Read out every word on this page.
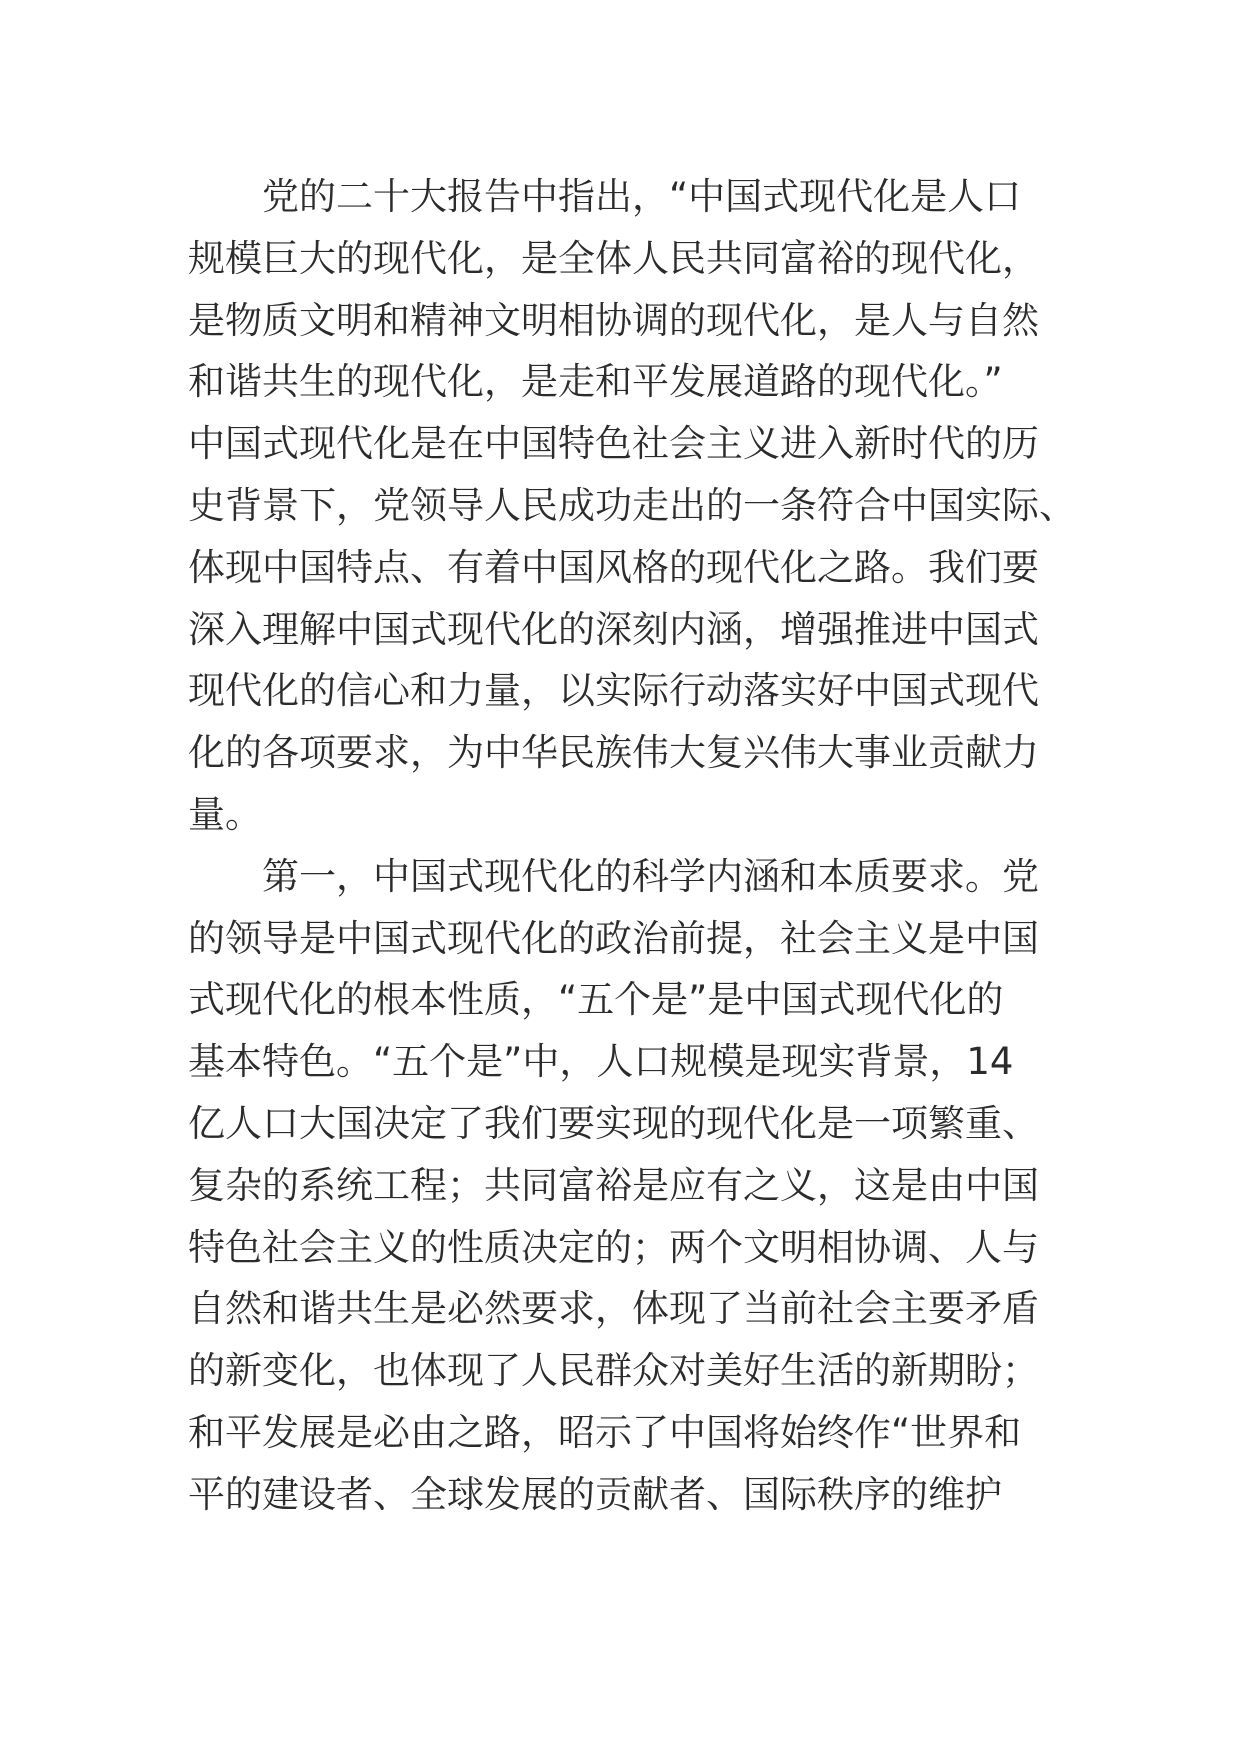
　　党的二十大报告中指出，“中国式现代化是人口
规模巨大的现代化，是全体人民共同富裕的现代化，
是物质文明和精神文明相协调的现代化，是人与自然
和谐共生的现代化，是走和平发展道路的现代化。”
中国式现代化是在中国特色社会主义进入新时代的历
史背景下，党领导人民成功走出的一条符合中国实际、
体现中国特点、有着中国风格的现代化之路。我们要
深入理解中国式现代化的深刻内涵，增强推进中国式
现代化的信心和力量，以实际行动落实好中国式现代
化的各项要求，为中华民族伟大复兴伟大事业贡献力
量。
　　第一，中国式现代化的科学内涵和本质要求。党
的领导是中国式现代化的政治前提，社会主义是中国
式现代化的根本性质，“五个是”是中国式现代化的
基本特色。“五个是”中，人口规模是现实背景，14
亿人口大国决定了我们要实现的现代化是一项繁重、
复杂的系统工程；共同富裕是应有之义，这是由中国
特色社会主义的性质决定的；两个文明相协调、人与
自然和谐共生是必然要求，体现了当前社会主要矛盾
的新变化，也体现了人民群众对美好生活的新期盼；
和平发展是必由之路，昭示了中国将始终作“世界和
平的建设者、全球发展的贡献者、国际秩序的维护
